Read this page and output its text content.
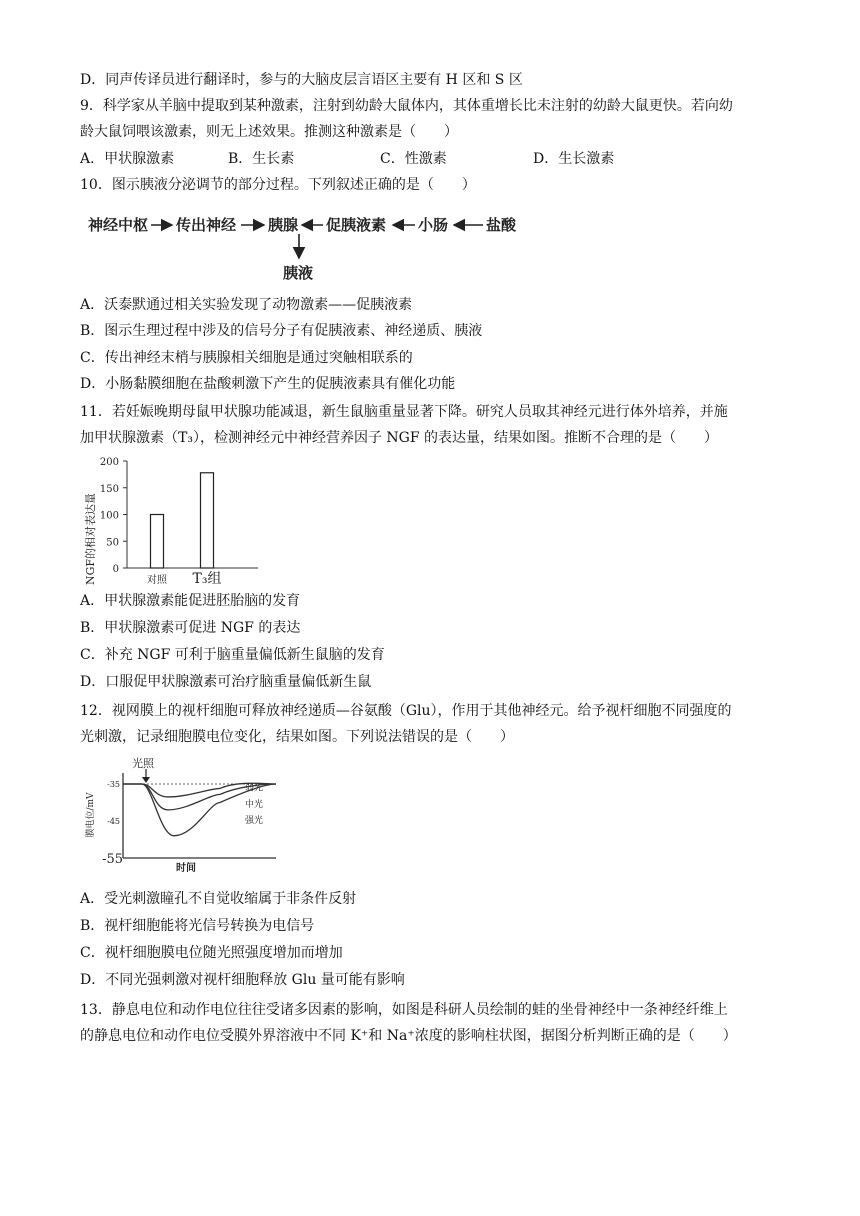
D．同声传译员进行翻译时，参与的大脑皮层言语区主要有 H 区和 S 区
9．科学家从羊脑中提取到某种激素，注射到幼龄大鼠体内，其体重增长比未注射的幼龄大鼠更快。若向幼
龄大鼠饲喂该激素，则无上述效果。推测这种激素是（　　）
A．甲状腺激素	B．生长素	C．性激素	D．生长激素
10．图示胰液分泌调节的部分过程。下列叙述正确的是（　　）
神经中枢 传出神经 胰腺 促胰液素 小肠	盐酸
胰液
A．沃泰默通过相关实验发现了动物激素——促胰液素
B．图示生理过程中涉及的信号分子有促胰液素、神经递质、胰液
C．传出神经末梢与胰腺相关细胞是通过突触相联系的
D．小肠黏膜细胞在盐酸刺激下产生的促胰液素具有催化功能
11．若妊娠晚期母鼠甲状腺功能减退，新生鼠脑重量显著下降。研究人员取其神经元进行体外培养，并施
加甲状腺激素（T₃），检测神经元中神经营养因子 NGF 的表达量，结果如图。推断不合理的是（　　）
NGF的相对表达量 0
50
100
150
200
对照 T₃组
A．甲状腺激素能促进胚胎脑的发育
B．甲状腺激素可促进 NGF 的表达
C．补充 NGF 可利于脑重量偏低新生鼠脑的发育
D．口服促甲状腺激素可治疗脑重量偏低新生鼠
12．视网膜上的视杆细胞可释放神经递质—谷氨酸（Glu），作用于其他神经元。给予视杆细胞不同强度的
光刺激，记录细胞膜电位变化，结果如图。下列说法错误的是（　　）
膜电位/mV
光照
时间
-35
-45
-55
弱光
中光
强光
A．受光刺激瞳孔不自觉收缩属于非条件反射
B．视杆细胞能将光信号转换为电信号
C．视杆细胞膜电位随光照强度增加而增加
D．不同光强刺激对视杆细胞释放 Glu 量可能有影响
13．静息电位和动作电位往往受诸多因素的影响，如图是科研人员绘制的蛙的坐骨神经中一条神经纤维上
的静息电位和动作电位受膜外界溶液中不同 K⁺和 Na⁺浓度的影响柱状图，据图分析判断正确的是（　　）
